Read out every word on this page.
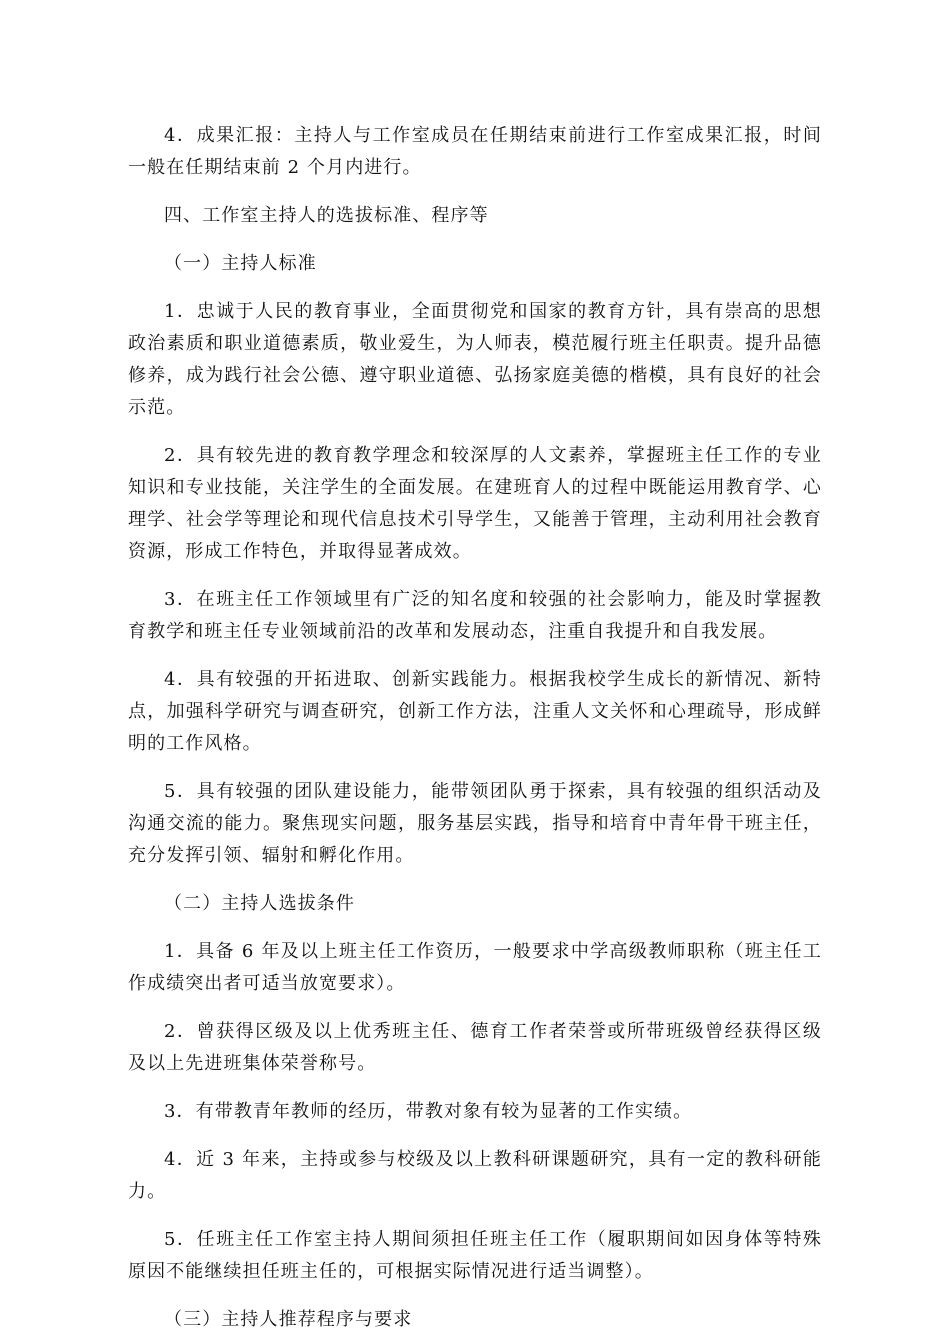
4．成果汇报：主持人与工作室成员在任期结束前进行工作室成果汇报，时间一般在任期结束前 2 个月内进行。

四、工作室主持人的选拔标准、程序等

（一）主持人标准

1．忠诚于人民的教育事业，全面贯彻党和国家的教育方针，具有崇高的思想政治素质和职业道德素质，敬业爱生，为人师表，模范履行班主任职责。提升品德修养，成为践行社会公德、遵守职业道德、弘扬家庭美德的楷模，具有良好的社会示范。

2．具有较先进的教育教学理念和较深厚的人文素养，掌握班主任工作的专业知识和专业技能，关注学生的全面发展。在建班育人的过程中既能运用教育学、心理学、社会学等理论和现代信息技术引导学生，又能善于管理，主动利用社会教育资源，形成工作特色，并取得显著成效。

3．在班主任工作领域里有广泛的知名度和较强的社会影响力，能及时掌握教育教学和班主任专业领域前沿的改革和发展动态，注重自我提升和自我发展。

4．具有较强的开拓进取、创新实践能力。根据我校学生成长的新情况、新特点，加强科学研究与调查研究，创新工作方法，注重人文关怀和心理疏导，形成鲜明的工作风格。

5．具有较强的团队建设能力，能带领团队勇于探索，具有较强的组织活动及沟通交流的能力。聚焦现实问题，服务基层实践，指导和培育中青年骨干班主任，充分发挥引领、辐射和孵化作用。

（二）主持人选拔条件

1．具备 6 年及以上班主任工作资历，一般要求中学高级教师职称（班主任工作成绩突出者可适当放宽要求）。

2．曾获得区级及以上优秀班主任、德育工作者荣誉或所带班级曾经获得区级及以上先进班集体荣誉称号。

3．有带教青年教师的经历，带教对象有较为显著的工作实绩。

4．近 3 年来，主持或参与校级及以上教科研课题研究，具有一定的教科研能力。

5．任班主任工作室主持人期间须担任班主任工作（履职期间如因身体等特殊原因不能继续担任班主任的，可根据实际情况进行适当调整）。

（三）主持人推荐程序与要求
